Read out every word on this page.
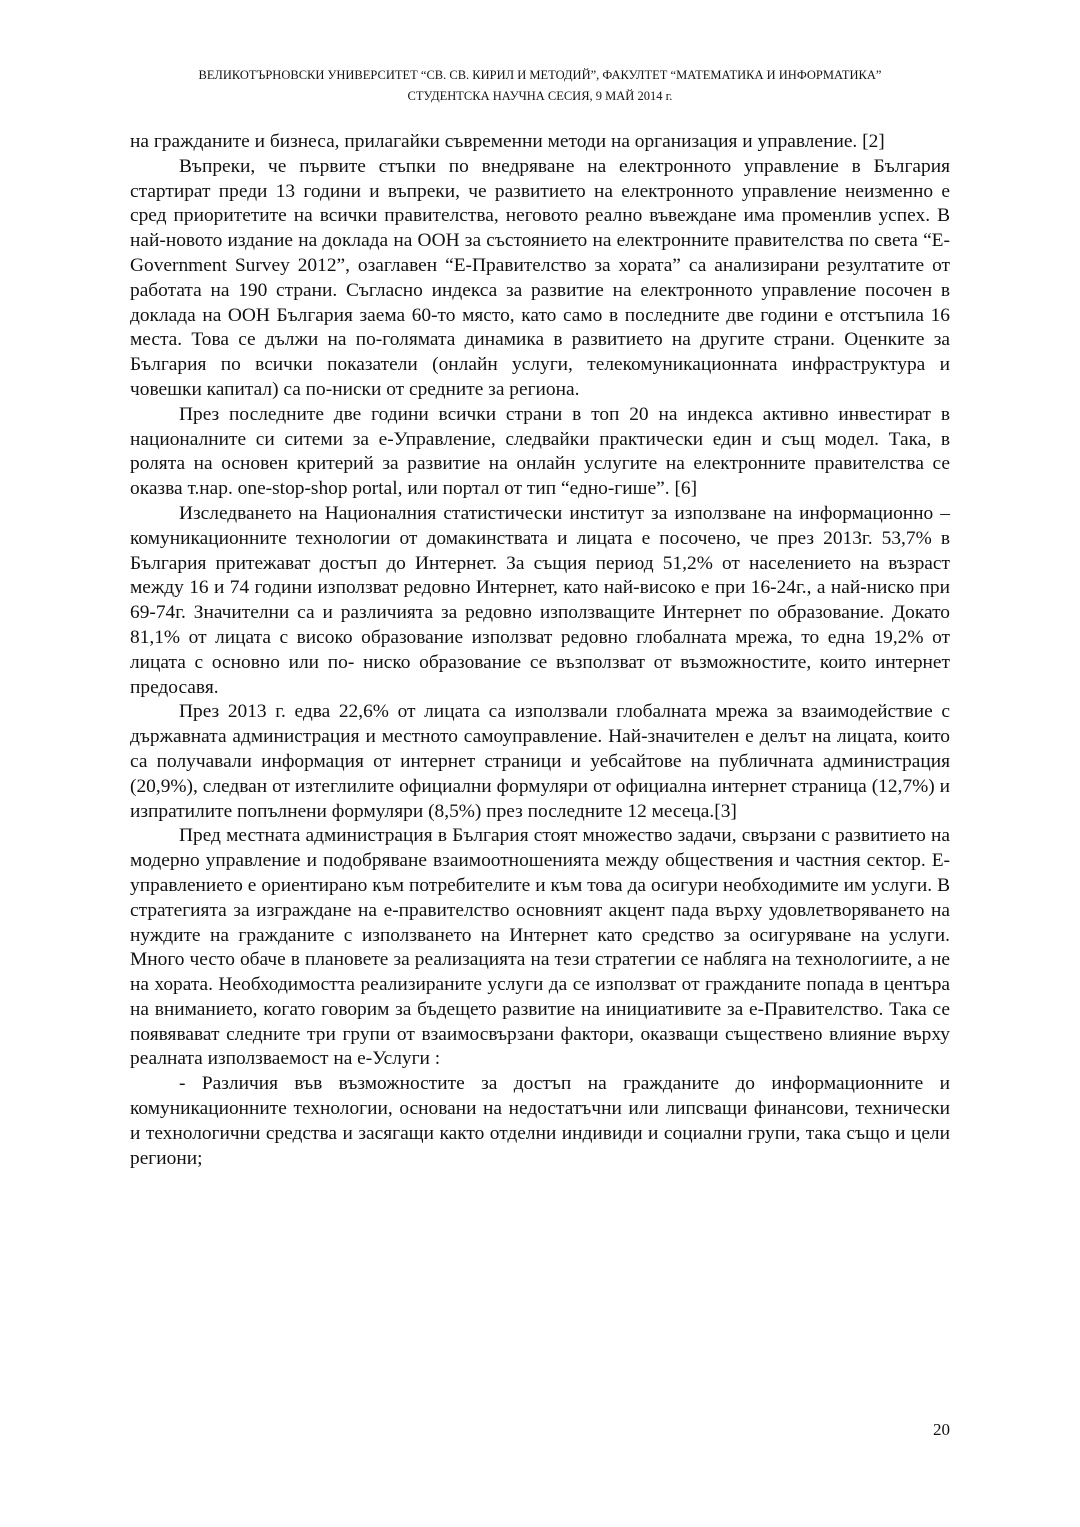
ВЕЛИКОТЪРНОВСКИ УНИВЕРСИТЕТ “СВ. СВ. КИРИЛ И МЕТОДИЙ”, ФАКУЛТЕТ “МАТЕМАТИКА И ИНФОРМАТИКА”
СТУДЕНТСКА НАУЧНА СЕСИЯ, 9 МАЙ 2014 г.

на гражданите и бизнеса, прилагайки съвременни методи на организация и управление. [2]

Въпреки, че първите стъпки по внедряване на електронното управление в България стартират преди 13 години и въпреки, че развитието на електронното управление неизменно е сред приоритетите на всички правителства, неговото реално въвеждане има променлив успех. В най-новото издание на доклада на ООН за състоянието на електронните правителства по света “E-Government Survey 2012”, озаглавен “Е-Правителство за хората” са анализирани резултатите от работата на 190 страни. Съгласно индекса за развитие на електронното управление посочен в доклада на ООН България заема 60-то място, като само в последните две години е отстъпила 16 места. Това се дължи на по-голямата динамика в развитието на другите страни. Оценките за България по всички показатели (онлайн услуги, телекомуникационната инфраструктура и човешки капитал) са по-ниски от средните за региона.

През последните две години всички страни в топ 20 на индекса активно инвестират в националните си ситеми за е-Управление, следвайки практически един и същ модел. Така, в ролята на основен критерий за развитие на онлайн услугите на електронните правителства се оказва т.нар. one-stop-shop portal, или портал от тип “едно-гише”. [6]

Изследването на Националния статистически институт за използване на информационно – комуникационните технологии от домакинствата и лицата е посочено, че през 2013г. 53,7% в България притежават достъп до Интернет. За същия период 51,2% от населението на възраст между 16 и 74 години използват редовно Интернет, като най-високо е при 16-24г., а най-ниско при 69-74г. Значителни са и различията за редовно използващите Интернет по образование. Докато 81,1% от лицата с високо образование използват редовно глобалната мрежа, то една 19,2% от лицата с основно или по- ниско образование се възползват от възможностите, които интернет предосавя.

През 2013 г. едва 22,6% от лицата са използвали глобалната мрежа за взаимодействие с държавната администрация и местното самоуправление. Най-значителен е делът на лицата, които са получавали информация от интернет страници и уебсайтове на публичната администрация (20,9%), следван от изтеглилите официални формуляри от официална интернет страница (12,7%) и изпратилите попълнени формуляри (8,5%) през последните 12 месеца.[3]

Пред местната администрация в България стоят множество задачи, свързани с развитието на модерно управление и подобряване взаимоотношенията между обществения и частния сектор. Е-управлението е ориентирано към потребителите и към това да осигури необходимите им услуги. В стратегията за изграждане на е-правителство основният акцент пада върху удовлетворяването на нуждите на гражданите с използването на Интернет като средство за осигуряване на услуги. Много често обаче в плановете за реализацията на тези стратегии се набляга на технологиите, а не на хората. Необходимостта реализираните услуги да се използват от гражданите попада в центъра на вниманието, когато говорим за бъдещето развитие на инициативите за е-Правителство. Така се появявават следните три групи от взаимосвързани фактори, оказващи съществено влияние върху реалната използваемост на е-Услуги :

- Различия във възможностите за достъп на гражданите до информационните и комуникационните технологии, основани на недостатъчни или липсващи финансови, технически и технологични средства и засягащи както отделни индивиди и социални групи, така също и цели региони;

20
